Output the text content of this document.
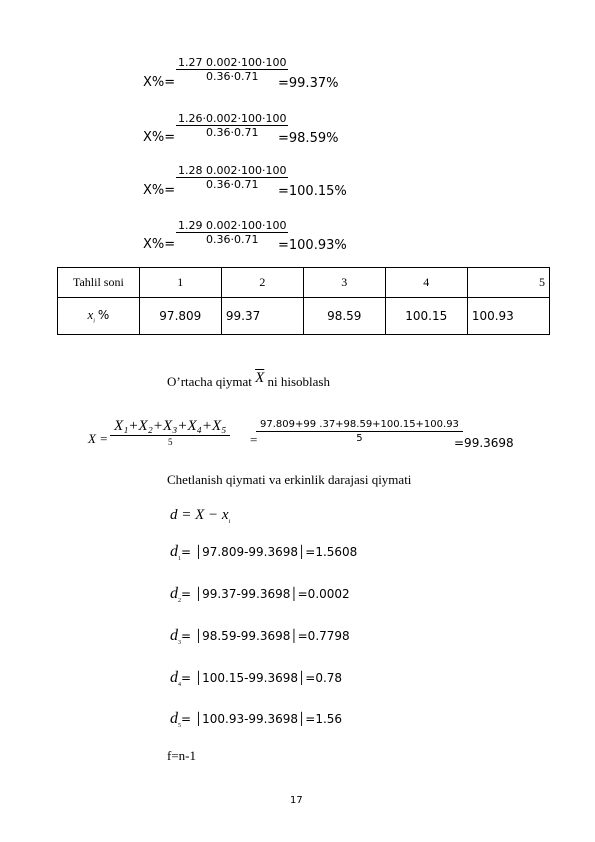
$\frac{1.27 0.002\cdot 100\cdot 100}{0.36\cdot 0.71}$
X%=	=99.37%
$\frac{1.26\cdot 0.002\cdot 100\cdot 100}{0.36\cdot 0.71}$
X%=	=98.59%
$\frac{1.28 0.002\cdot 100\cdot 100}{0.36\cdot 0.71}$
X%=	=100.15%
$\frac{1.29 0.002\cdot 100\cdot 100}{0.36\cdot 0.71}$
X%=	=100.93%
Tahlil soni	1	2	3	4	5
$x_i$ %	97.809	99.37	98.59	100.15	100.93
O’rtacha qiymat $\overline{X}$ ni hisoblash
X =
X₁+X₂+X₃+X₄+X₅
5	=
$\frac{97.809+99 .37+98.59+100.15+100.93}{5}$
=99.3698
Chetlanish qiymati va erkinlik darajasi qiymati
$d = X - x_i$
$d_1=$ │97.809-99.3698│=1.5608
$d_2=$ │99.37-99.3698│=0.0002
$d_3=$ │98.59-99.3698│=0.7798
$d_4=$ │100.15-99.3698│=0.78
$d_5=$ │100.93-99.3698│=1.56
f=n-1
17
